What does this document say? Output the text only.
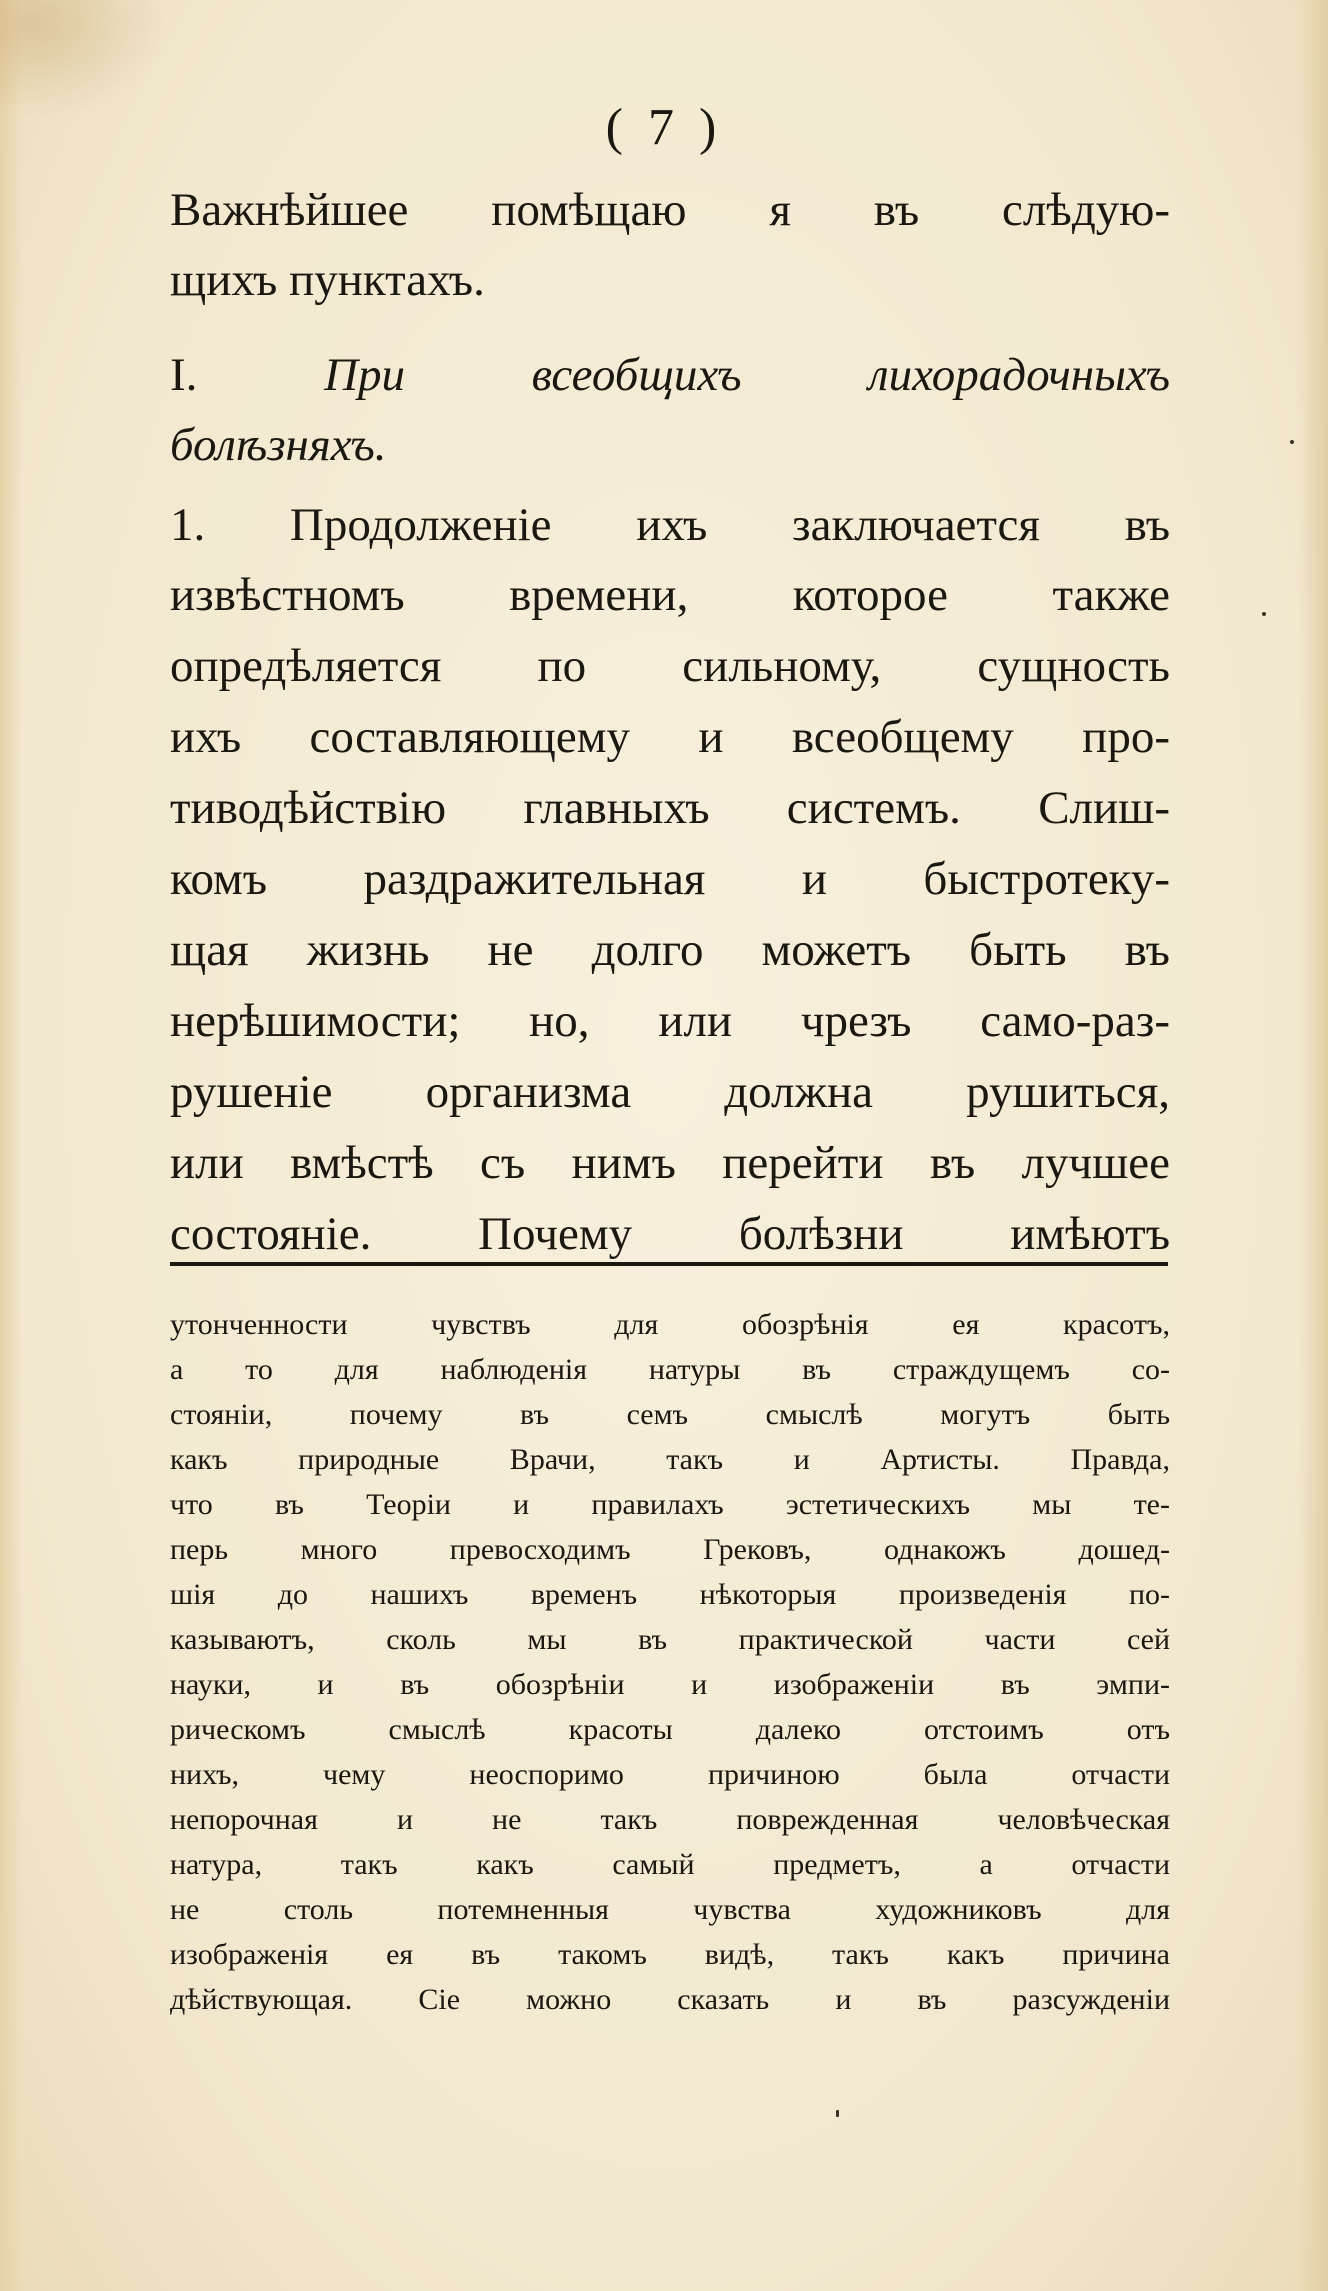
( 7 )
Важнѣйшее помѣщаю я въ слѣдую-
щихъ пунктахъ.
I.	При всеобщихъ лихорадочныхъ
болѣзняхъ.
1. Продолженіе ихъ заключается въ
извѣстномъ времени, которое также
опредѣляется по сильному, сущность
ихъ составляющему и всеобщему про-
тиводѣйствію главныхъ системъ. Слиш-
комъ раздражительная и быстротеку-
щая жизнь не долго можетъ быть въ
нерѣшимости; но, или чрезъ само-раз-
рушеніе организма должна рушиться,
или вмѣстѣ съ нимъ перейти въ лучшее
состояніе. Почему болѣзни имѣютъ
утонченности чувствъ для обозрѣнія ея красотъ,
а то для наблюденія натуры въ страждущемъ со-
стояніи, почему въ семъ смыслѣ могутъ быть
какъ природные Врачи, такъ и Артисты. Правда,
что въ Теоріи и правилахъ эстетическихъ мы те-
перь много превосходимъ Грековъ, однакожъ дошед-
шія до нашихъ временъ нѣкоторыя произведенія по-
казываютъ, сколь мы въ практической части сей
науки, и въ обозрѣніи и изображеніи въ эмпи-
рическомъ смыслѣ красоты далеко отстоимъ отъ
нихъ, чему неоспоримо причиною была отчасти
непорочная и не такъ поврежденная человѣческая
натура, такъ какъ самый предметъ, а отчасти
не столь потемненныя чувства художниковъ для
изображенія ея въ такомъ видѣ, такъ какъ причина
дѣйствующая. Сіе можно сказать и въ разсужденіи
